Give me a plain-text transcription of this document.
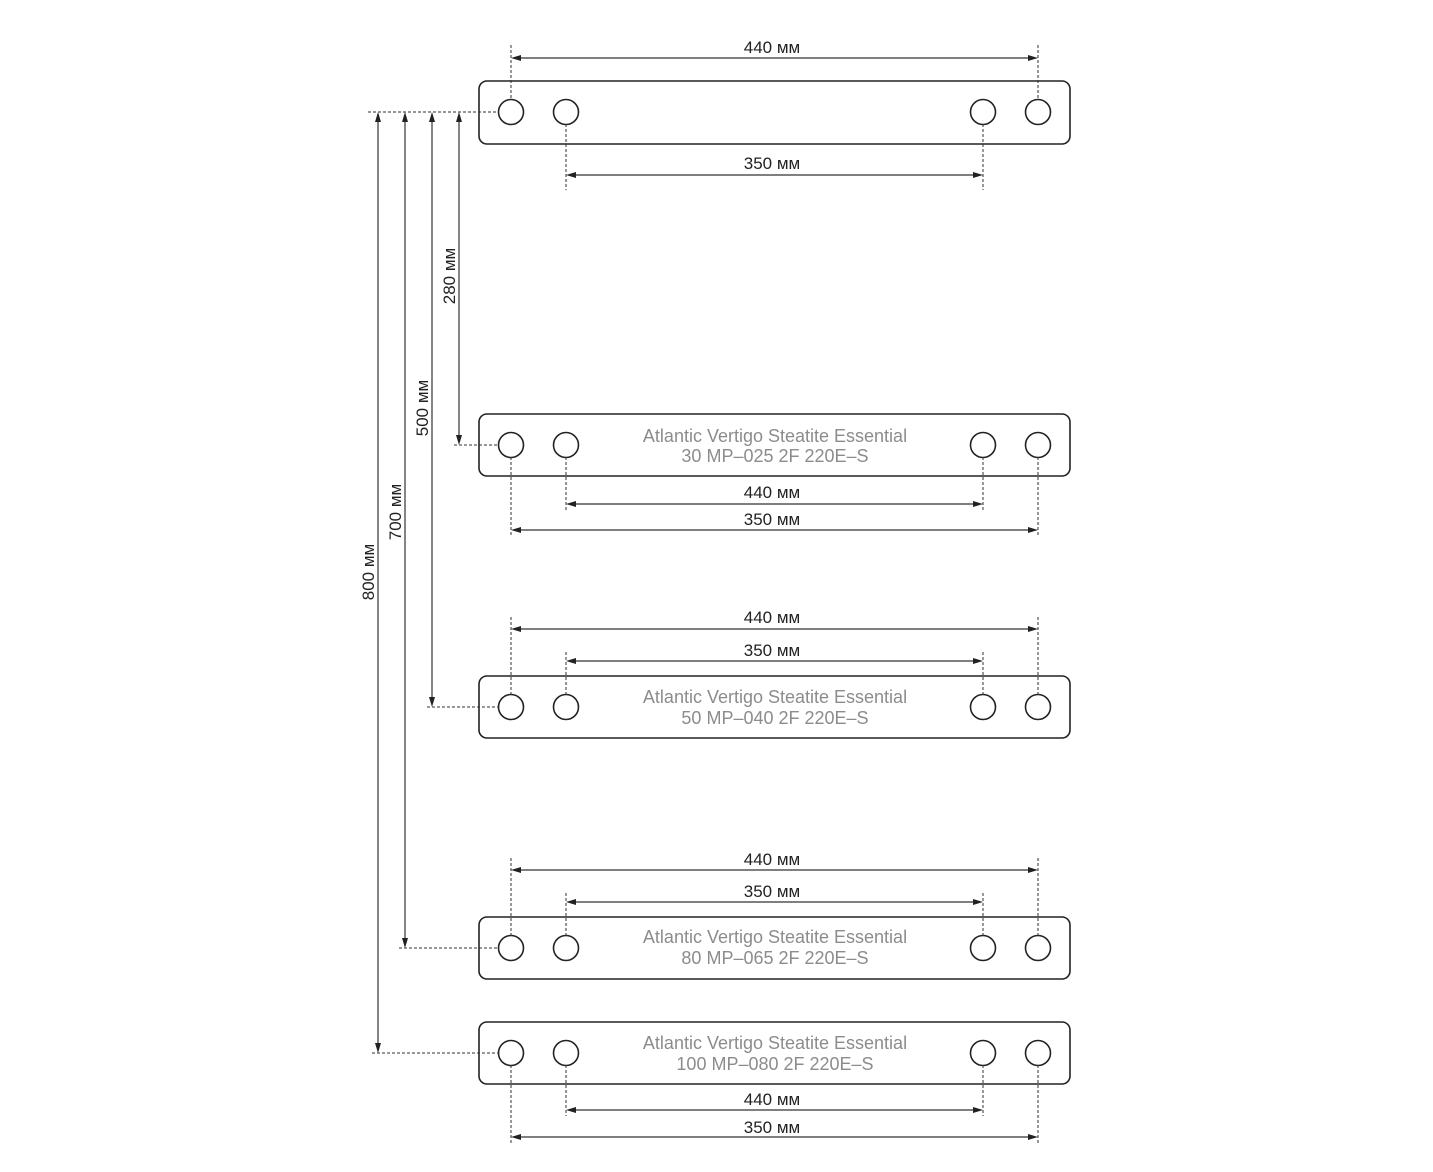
440 мм
350 мм
Atlantic Vertigo Steatite Essential
30 MP–025 2F 220E–S
440 мм
350 мм
Atlantic Vertigo Steatite Essential
50 MP–040 2F 220E–S
440 мм
350 мм
Atlantic Vertigo Steatite Essential
80 MP–065 2F 220E–S
440 мм
350 мм
Atlantic Vertigo Steatite Essential
100 MP–080 2F 220E–S
440 мм
350 мм
280 мм
500 мм
700 мм
800 мм
